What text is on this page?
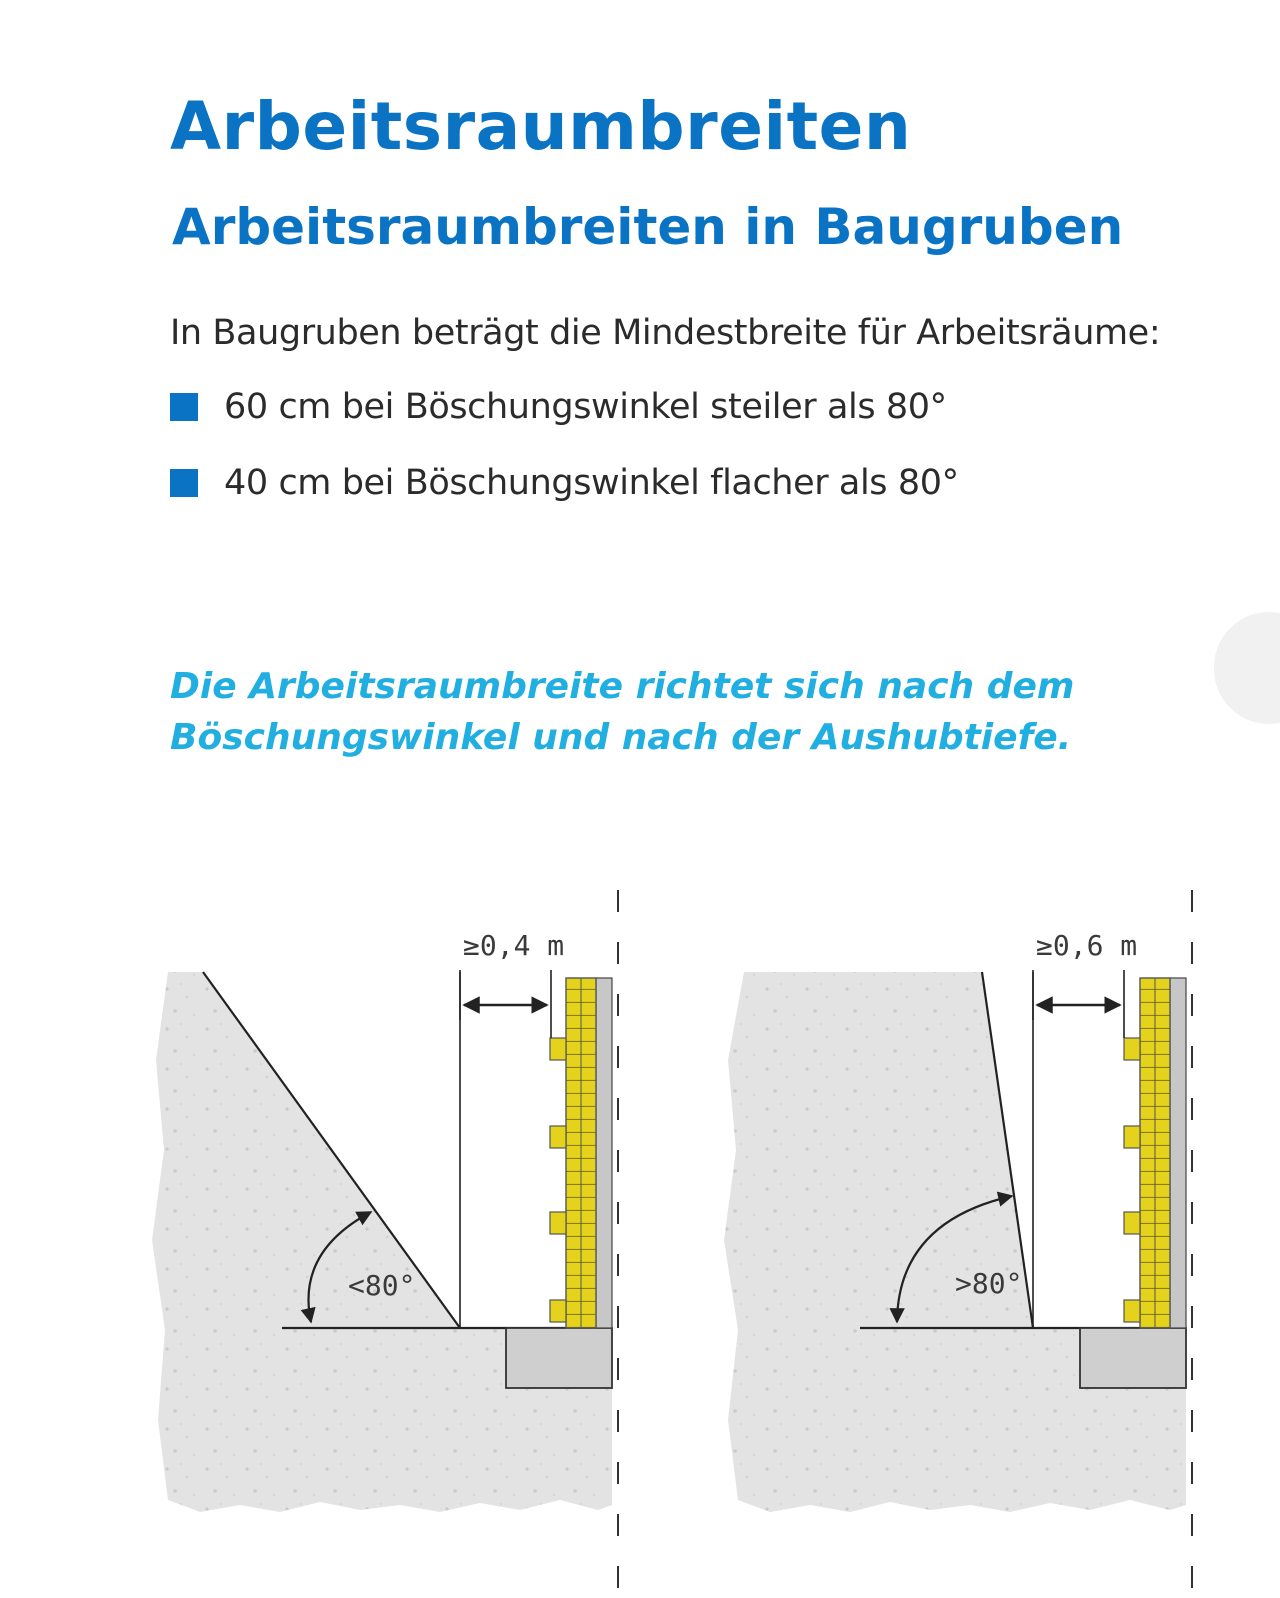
Arbeitsraumbreiten
Arbeitsraumbreiten in Baugruben

In Baugruben beträgt die Mindestbreite für Arbeitsräume:

60 cm bei Böschungswinkel steiler als 80°
40 cm bei Böschungswinkel flacher als 80°

Die Arbeitsraumbreite richtet sich nach dem
Böschungswinkel und nach der Aushubtiefe.

≥0,4 m
<80°
≥0,6 m
>80°
